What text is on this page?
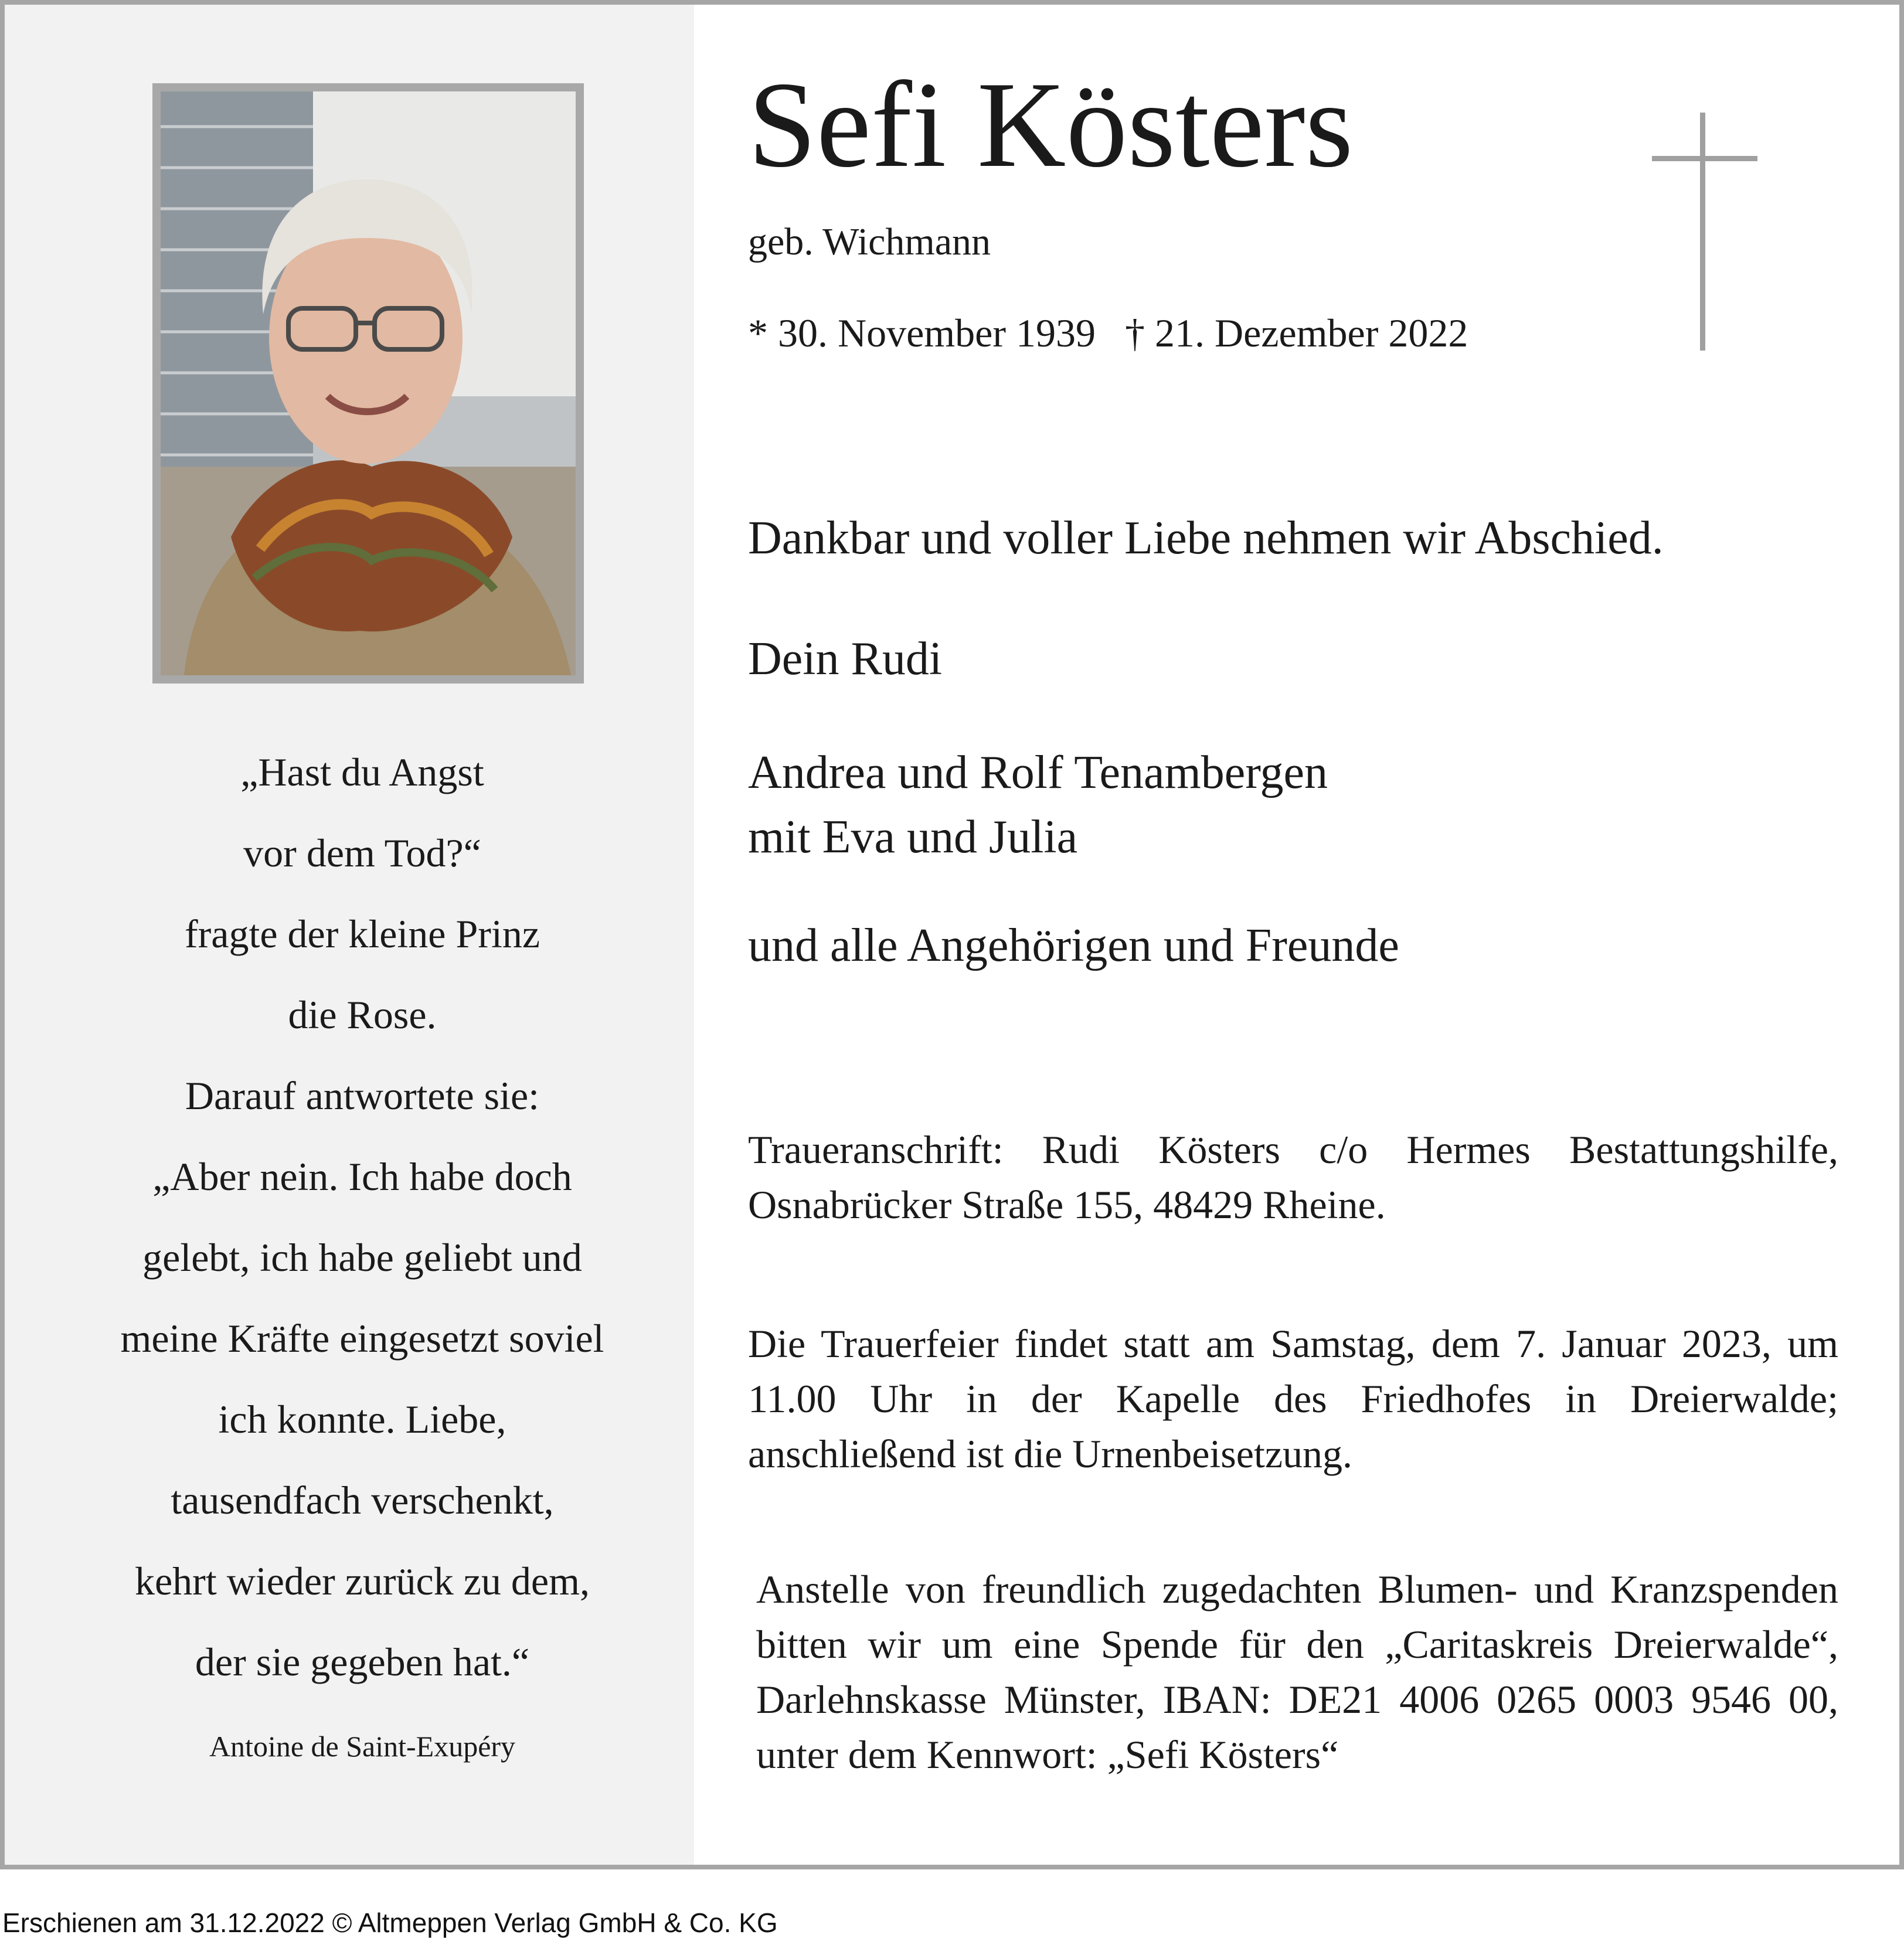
„Hast du Angst
vor dem Tod?“
fragte der kleine Prinz
die Rose.
Darauf antwortete sie:
„Aber nein. Ich habe doch
gelebt, ich habe geliebt und
meine Kräfte eingesetzt soviel
ich konnte. Liebe,
tausendfach verschenkt,
kehrt wieder zurück zu dem,
der sie gegeben hat.“
Antoine de Saint-Exupéry
Sefi Kösters
geb. Wichmann
* 30. November 1939 † 21. Dezember 2022
Dankbar und voller Liebe nehmen wir Abschied.
Dein Rudi
Andrea und Rolf Tenambergen
mit Eva und Julia
und alle Angehörigen und Freunde
Traueranschrift: Rudi Kösters c/o Hermes Bestattungshilfe, Osnabrücker Straße 155, 48429 Rheine.
Die Trauerfeier findet statt am Samstag, dem 7. Januar 2023, um 11.00 Uhr in der Kapelle des Friedhofes in Dreierwalde; anschließend ist die Urnenbeisetzung.
Anstelle von freundlich zugedachten Blumen- und Kranzspenden bitten wir um eine Spende für den „Caritaskreis Dreierwalde“, Darlehnskasse Münster, IBAN: DE21 4006 0265 0003 9546 00, unter dem Kennwort: „Sefi Kösters“
Erschienen am 31.12.2022 © Altmeppen Verlag GmbH & Co. KG
